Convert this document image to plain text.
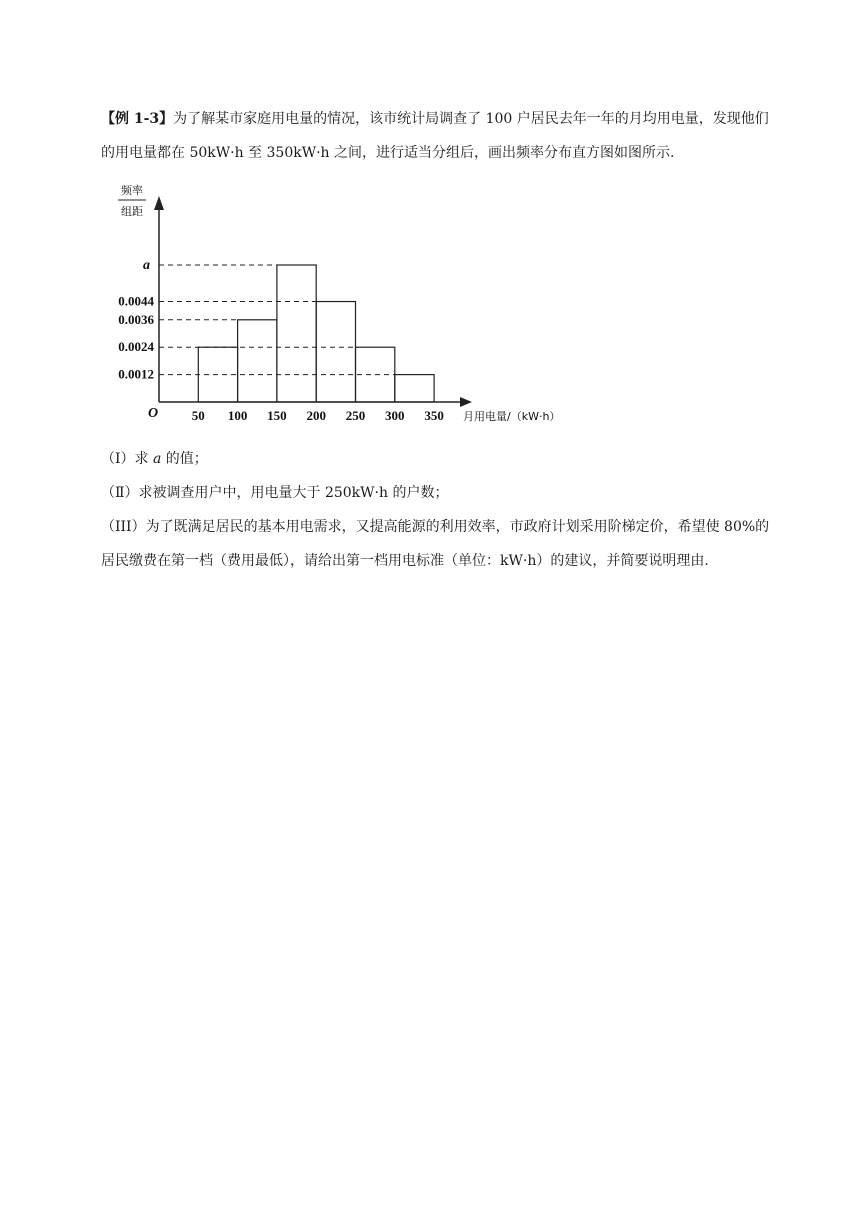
【例 1-3】为了解某市家庭用电量的情况，该市统计局调查了 100 户居民去年一年的月均用电量，发现他们的用电量都在 50kW·h 至 350kW·h 之间，进行适当分组后，画出频率分布直方图如图所示.

0.0012
0.0024
0.0036
0.0044
a
50 100 150 200 250 300 350
O
频率
组距
月用电量/（kW·h）

（I）求 a 的值；

（Ⅱ）求被调查用户中，用电量大于 250kW·h 的户数；

（III）为了既满足居民的基本用电需求，又提高能源的利用效率，市政府计划采用阶梯定价，希望使 80%的居民缴费在第一档（费用最低），请给出第一档用电标准（单位：kW·h）的建议，并简要说明理由.
